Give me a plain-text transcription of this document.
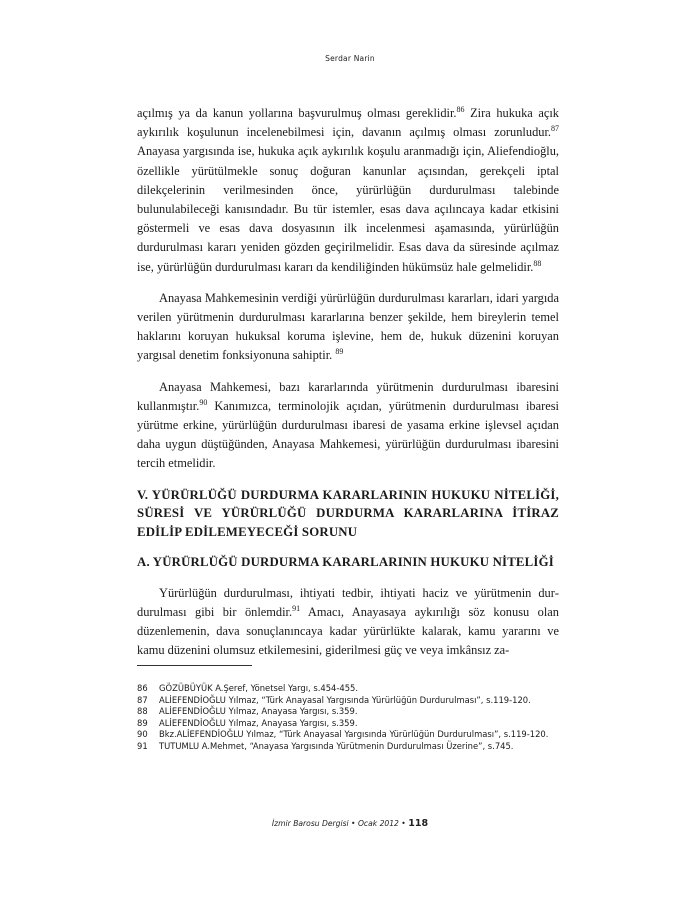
Serdar Narin

açılmış ya da kanun yollarına başvurulmuş olması gereklidir.$^{86}$ Zira hukuka açık aykırılık koşulunun incelenebilmesi için, davanın açılmış olması zorunludur.$^{87}$ Anayasa yargısında ise, hukuka açık aykırılık koşulu aranmadığı için, Aliefendioğlu, özellikle yürütülmekle sonuç doğuran kanunlar açısından, gerekçeli iptal dilekçelerinin verilmesinden önce, yürürlüğün durdurulması talebinde bulunulabileceği kanısındadır. Bu tür istemler, esas dava açılıncaya kadar etkisini göstermeli ve esas dava dosyasının ilk incelenmesi aşamasında, yürürlüğün durdurulması kararı yeniden gözden geçirilmelidir. Esas dava da süresinde açılmaz ise, yürürlüğün durdurulması kararı da kendiliğinden hükümsüz hale gelmelidir.$^{88}$

Anayasa Mahkemesinin verdiği yürürlüğün durdurulması kararları, idari yargıda verilen yürütmenin durdurulması kararlarına benzer şekilde, hem bireylerin temel haklarını koruyan hukuksal koruma işlevine, hem de, hukuk düzenini koruyan yargısal denetim fonksiyonuna sahiptir. $^{89}$

Anayasa Mahkemesi, bazı kararlarında yürütmenin durdurulması ibaresini kullanmıştır.$^{90}$ Kanımızca, terminolojik açıdan, yürütmenin durdurulması ibaresi yürütme erkine, yürürlüğün durdurulması ibaresi de yasama erkine işlevsel açıdan daha uygun düştüğünden, Anayasa Mahkemesi, yürürlüğün durdurulması ibaresini tercih etmelidir.

V. YÜRÜRLÜĞÜ DURDURMA KARARLARININ HUKUKU NİTELİĞİ, SÜRESİ VE YÜRÜRLÜĞÜ DURDURMA KARARLARINA İTİRAZ EDİLİP EDİLEMEYECEĞİ SORUNU
A. YÜRÜRLÜĞÜ DURDURMA KARARLARININ HUKUKU NİTELİĞİ

Yürürlüğün durdurulması, ihtiyati tedbir, ihtiyati haciz ve yürütmenin durdurulması gibi bir önlemdir.$^{91}$ Amacı, Anayasaya aykırılığı söz konusu olan düzenlemenin, dava sonuçlanıncaya kadar yürürlükte kalarak, kamu yararını ve kamu düzenini olumsuz etkilemesini, giderilmesi güç ve veya imkânsız za-

86	GÖZÜBÜYÜK A.Şeref, Yönetsel Yargı, s.454-455.
87	ALİEFENDİOĞLU Yılmaz, “Türk Anayasal Yargısında Yürürlüğün Durdurulması”, s.119-120.
88	ALİEFENDİOĞLU Yılmaz, Anayasa Yargısı, s.359.
89	ALİEFENDİOĞLU Yılmaz, Anayasa Yargısı, s.359.
90	Bkz.ALİEFENDİOĞLU Yılmaz, “Türk Anayasal Yargısında Yürürlüğün Durdurulması”, s.119-120.
91	TUTUMLU A.Mehmet, “Anayasa Yargısında Yürütmenin Durdurulması Üzerine”, s.745.
İzmir Barosu Dergisi • Ocak 2012 • 118
